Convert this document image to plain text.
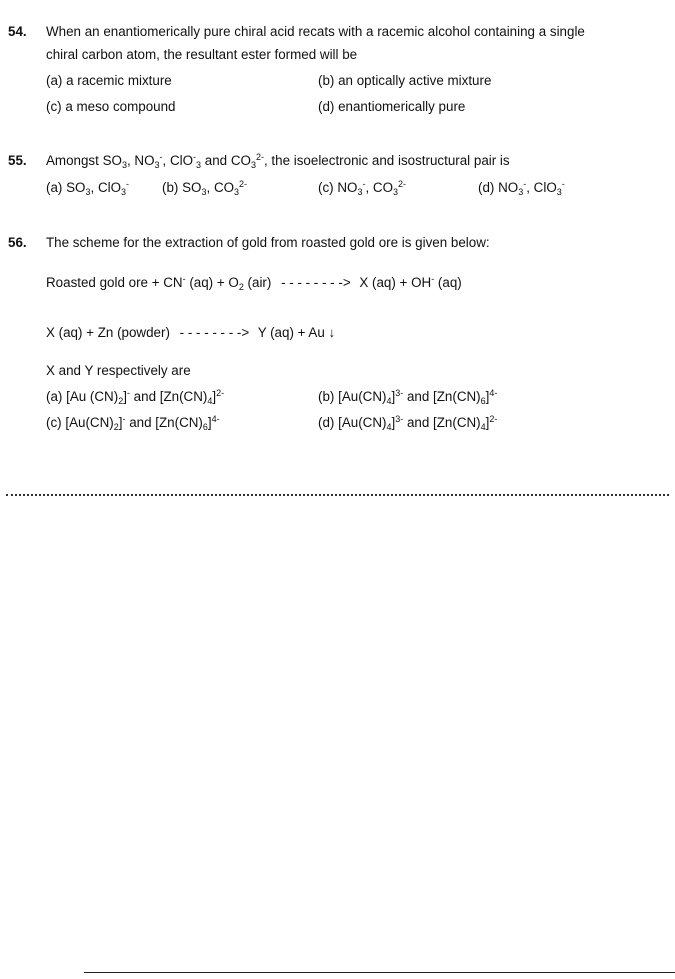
54. When an enantiomerically pure chiral acid recats with a racemic alcohol containing a single
chiral carbon atom, the resultant ester formed will be
(a) a racemic mixture	(b) an optically active mixture
(c) a meso compound	(d) enantiomerically pure
55. Amongst $SO_3$, $NO_3^-$, ClO-$_3$ and $CO_3^{2-}$, the isoelectronic and isostructural pair is
(a) $SO_3$, ClO$_3$- (b) $SO_3$, $CO_3^{2-}$	(c) $NO_3^-$, $CO_3^{2-}$	(d) $NO_3^-$, ClO$_3$-
56. The scheme for the extraction of gold from roasted gold ore is given below:
Roasted gold ore + CN- $(aq) + O_2$ (air) - - - - - - - -> X (aq) + OH- (aq)
X (aq) + Zn (powder) - - - - - - - -> Y (aq) + Au ↓
X and Y respectively are
(a) [Au $(CN)_2]^-$ and $[Zn(CN)_4]^{2-}$	(b) $[Au(CN)_4]^{3-}$ and $[Zn(CN)_6]^{4-}$
(c) $[Au(CN)_2]^-$ and $[Zn(CN)_6]^{4-}$	(d) $[Au(CN)_4]^{3-}$ and $[Zn(CN)_4]^{2-}$
